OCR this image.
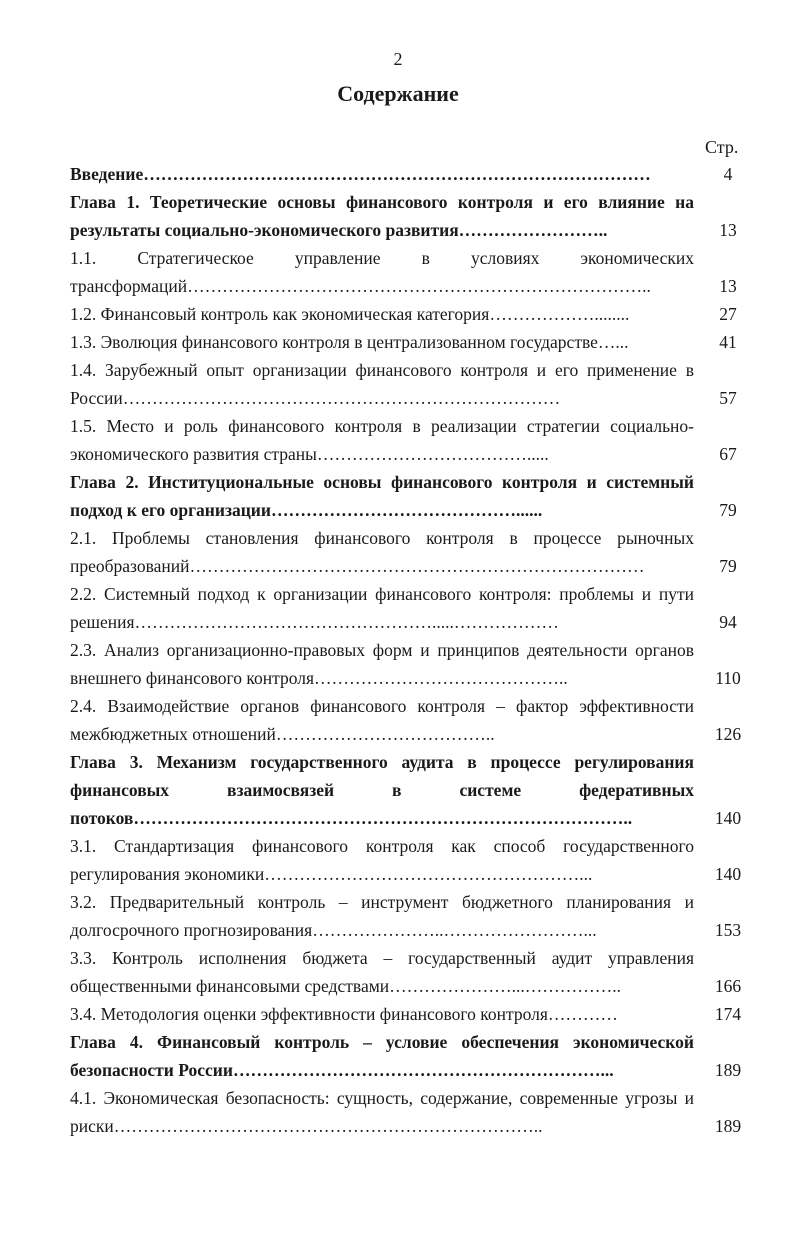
2
Содержание
Стр.
Введение……………………………………………………………………………	4
Глава 1. Теоретические основы финансового контроля и его влияние на результаты социально-экономического развития……………………..	13
1.1. Стратегическое управление в условиях экономических трансформаций……………………………………………………………………..	13
1.2. Финансовый контроль как экономическая категория………………........	27
1.3. Эволюция финансового контроля в централизованном государстве…...	41
1.4. Зарубежный опыт организации финансового контроля и его применение в России…………………………………………………………………	57
1.5. Место и роль финансового контроля в реализации стратегии социально-экономического развития страны……………………………….....	67
Глава 2. Институциональные основы финансового контроля и системный подход к его организации……………………………………......	79
2.1. Проблемы становления финансового контроля в процессе рыночных преобразований……………………………………………………………………	79
2.2. Системный подход к организации финансового контроля: проблемы и пути решения…………………………………………….....………………	94
2.3. Анализ организационно-правовых форм и принципов деятельности органов внешнего финансового контроля……………………………………..	110
2.4. Взаимодействие органов финансового контроля – фактор эффективности межбюджетных отношений………………………………..	126
Глава 3. Механизм государственного аудита в процессе регулирования финансовых взаимосвязей в системе федеративных потоков…………………………………………………………………………..	140
3.1. Стандартизация финансового контроля как способ государственного регулирования экономики………………………………………………...	140
3.2. Предварительный контроль – инструмент бюджетного планирования и долгосрочного прогнозирования…………………..……………………...	153
3.3. Контроль исполнения бюджета – государственный аудит управления общественными финансовыми средствами…………………...……………..	166
3.4. Методология оценки эффективности финансового контроля…………	174
Глава 4. Финансовый контроль – условие обеспечения экономической безопасности России………………………………………………………...	189
4.1. Экономическая безопасность: сущность, содержание, современные угрозы и риски………………………………………………………………..	189
